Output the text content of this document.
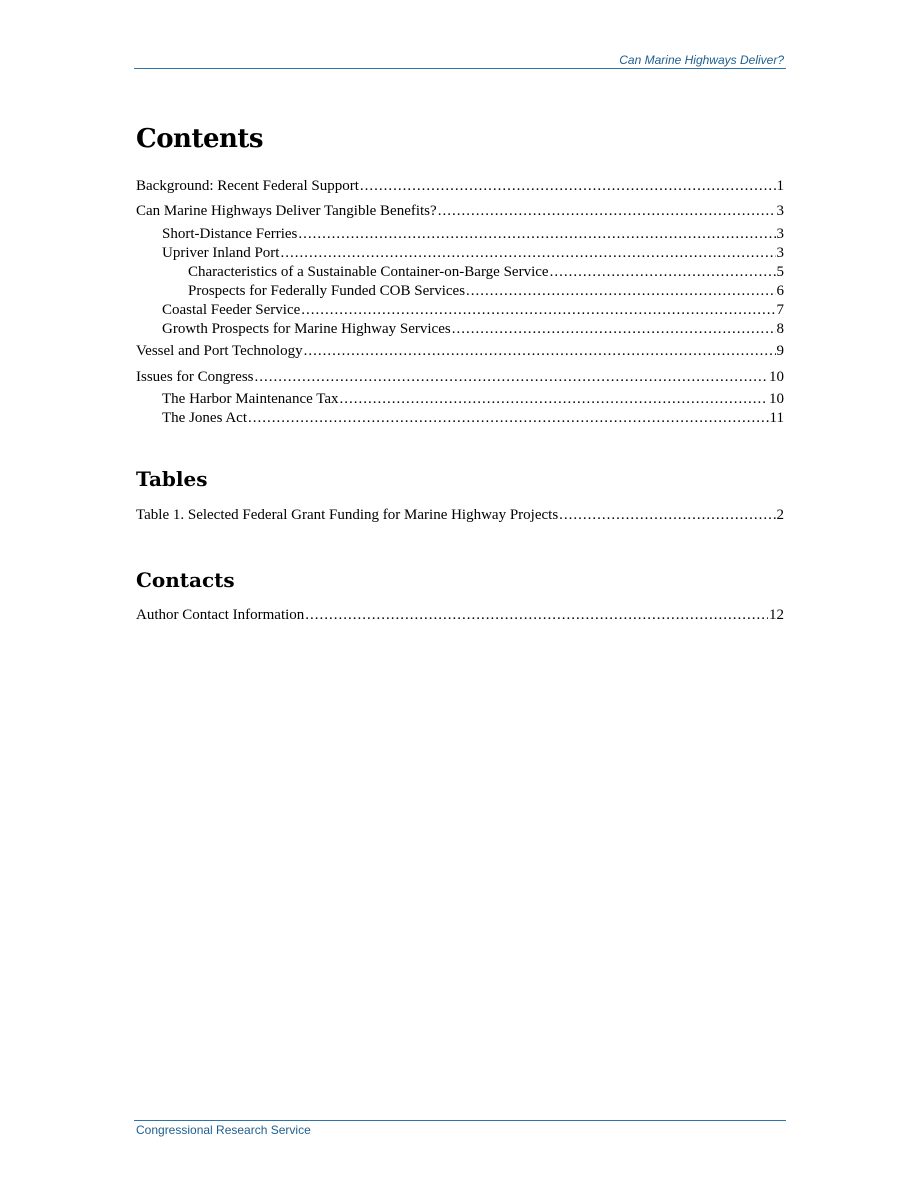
Can Marine Highways Deliver?
Contents
Background: Recent Federal Support .....	1
Can Marine Highways Deliver Tangible Benefits? .....	3
Short-Distance Ferries .....	3
Upriver Inland Port .....	3
Characteristics of a Sustainable Container-on-Barge Service .....	5
Prospects for Federally Funded COB Services .....	6
Coastal Feeder Service .....	7
Growth Prospects for Marine Highway Services .....	8
Vessel and Port Technology .....	9
Issues for Congress .....	10
The Harbor Maintenance Tax .....	10
The Jones Act .....	11
Tables
Table 1. Selected Federal Grant Funding for Marine Highway Projects .....	2
Contacts
Author Contact Information .....	12
Congressional Research Service
